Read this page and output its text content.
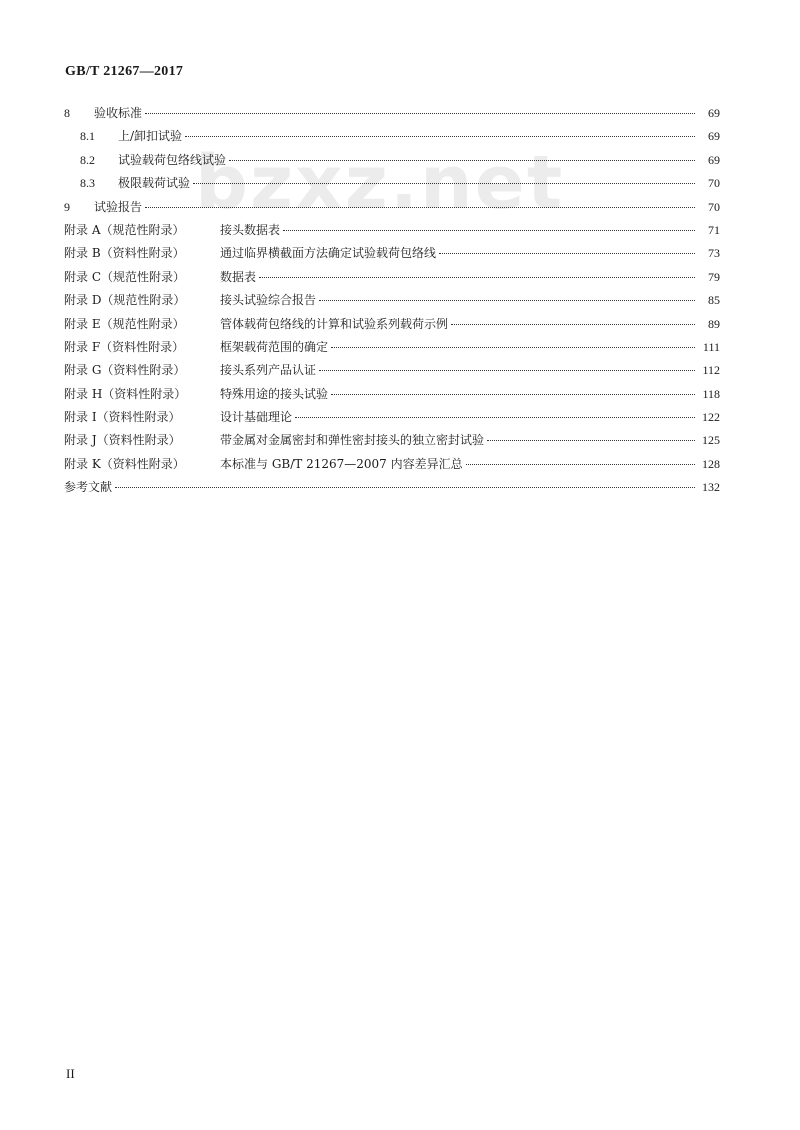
GB/T 21267—2017
bzxz.net
8 验收标准	69
8.1 上/卸扣试验	69
8.2 试验载荷包络线试验	69
8.3 极限载荷试验	70
9 试验报告	70
附录 A（规范性附录）	接头数据表	71
附录 B（资料性附录）	通过临界横截面方法确定试验载荷包络线	73
附录 C（规范性附录）	数据表	79
附录 D（规范性附录）	接头试验综合报告	85
附录 E（规范性附录）	管体载荷包络线的计算和试验系列载荷示例	89
附录 F（资料性附录）	框架载荷范围的确定	111
附录 G（资料性附录）	接头系列产品认证	112
附录 H（资料性附录）	特殊用途的接头试验	118
附录 I（资料性附录）	设计基础理论	122
附录 J（资料性附录）	带金属对金属密封和弹性密封接头的独立密封试验	125
附录 K（资料性附录）	本标准与 GB/T 21267—2007 内容差异汇总	128
参考文献	132
II
